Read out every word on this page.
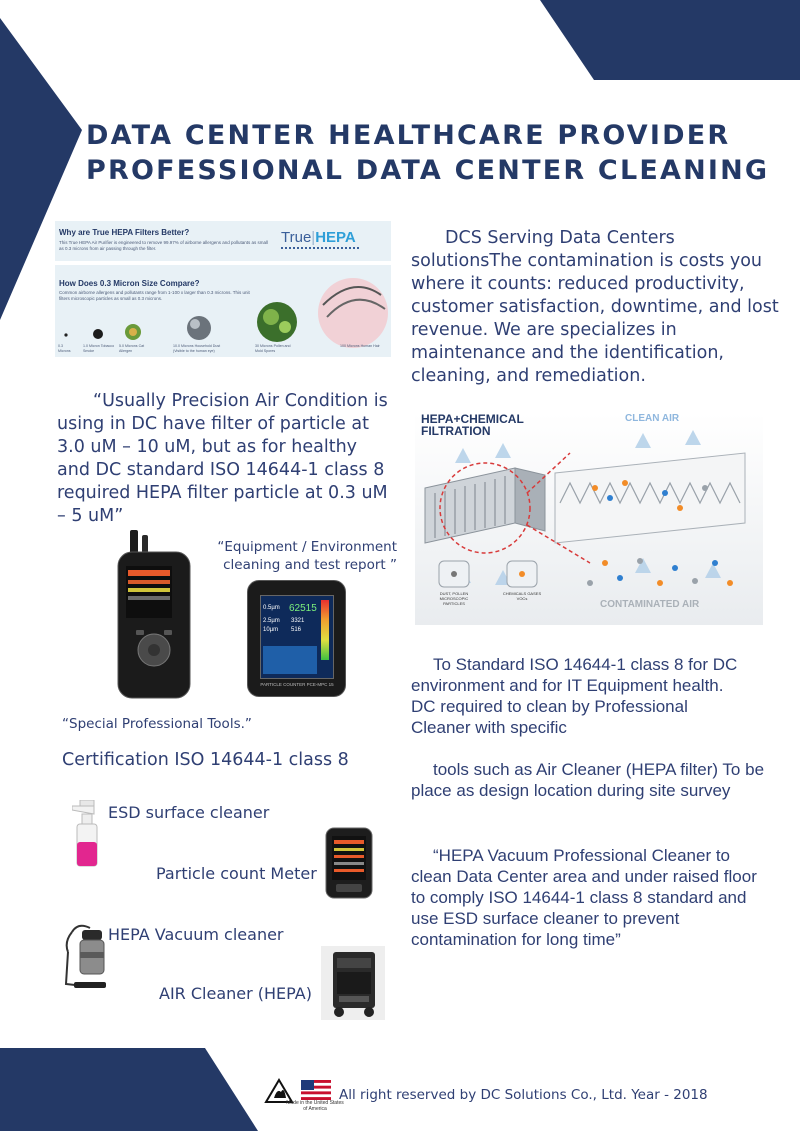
DATA CENTER HEALTHCARE PROVIDER
PROFESSIONAL DATA CENTER CLEANING
Why are True HEPA Filters Better?
This True HEPA Air Purifier is engineered to remove 99.97% of airborne allergens and pollutants as small as 0.3 microns from air passing through the filter.
True|HEPA
How Does 0.3 Micron Size Compare?
Common airborne allergens and pollutants range from 1-100 x larger than 0.3 microns. This unit filters microscopic particles as small as 0.3 microns.
0.3 Microns
1.0 Micron Tobacco Smoke
5.0 Microns Cat Allergen
10.0 Microns Household Dust (Visible to the human eye)
30 Microns Pollen and Mold Spores
100 Microns Human Hair
DCS Serving Data Centers solutionsThe contamination is costs you where it counts: reduced productivity, customer satisfaction, downtime, and lost revenue. We are specializes in maintenance and the identification, cleaning, and remediation.
“Usually Precision Air Condition is using in DC have filter of particle at 3.0 uM – 10 uM, but as for healthy and DC standard ISO 14644-1 class 8 required HEPA filter particle at 0.3 uM – 5 uM”
HEPA+CHEMICAL FILTRATION
CLEAN AIR
CONTAMINATED AIR
DUST, POLLEN MICROSCOPIC PARTICLES
CHEMICALS GASES VOCs
“Equipment / Environment cleaning and test report ”
0.5µm 62515
2.5µm 3321
10µm 516
PARTICLE COUNTER PCE-MPC 15
“Special Professional Tools.”
Certification ISO 14644-1 class 8
ESD surface cleaner
Particle count Meter
HEPA Vacuum cleaner
AIR Cleaner (HEPA)
To Standard ISO 14644-1 class 8 for DC environment and for IT Equipment health. DC required to clean by Professional Cleaner with specific
tools such as Air Cleaner (HEPA filter) To be place as design location during site survey
“HEPA Vacuum Professional Cleaner to clean Data Center area and under raised floor to comply ISO 14644-1 class 8 standard and use ESD surface cleaner to prevent contamination for long time”
Made in the United States of America
All right reserved by DC Solutions Co., Ltd. Year - 2018
